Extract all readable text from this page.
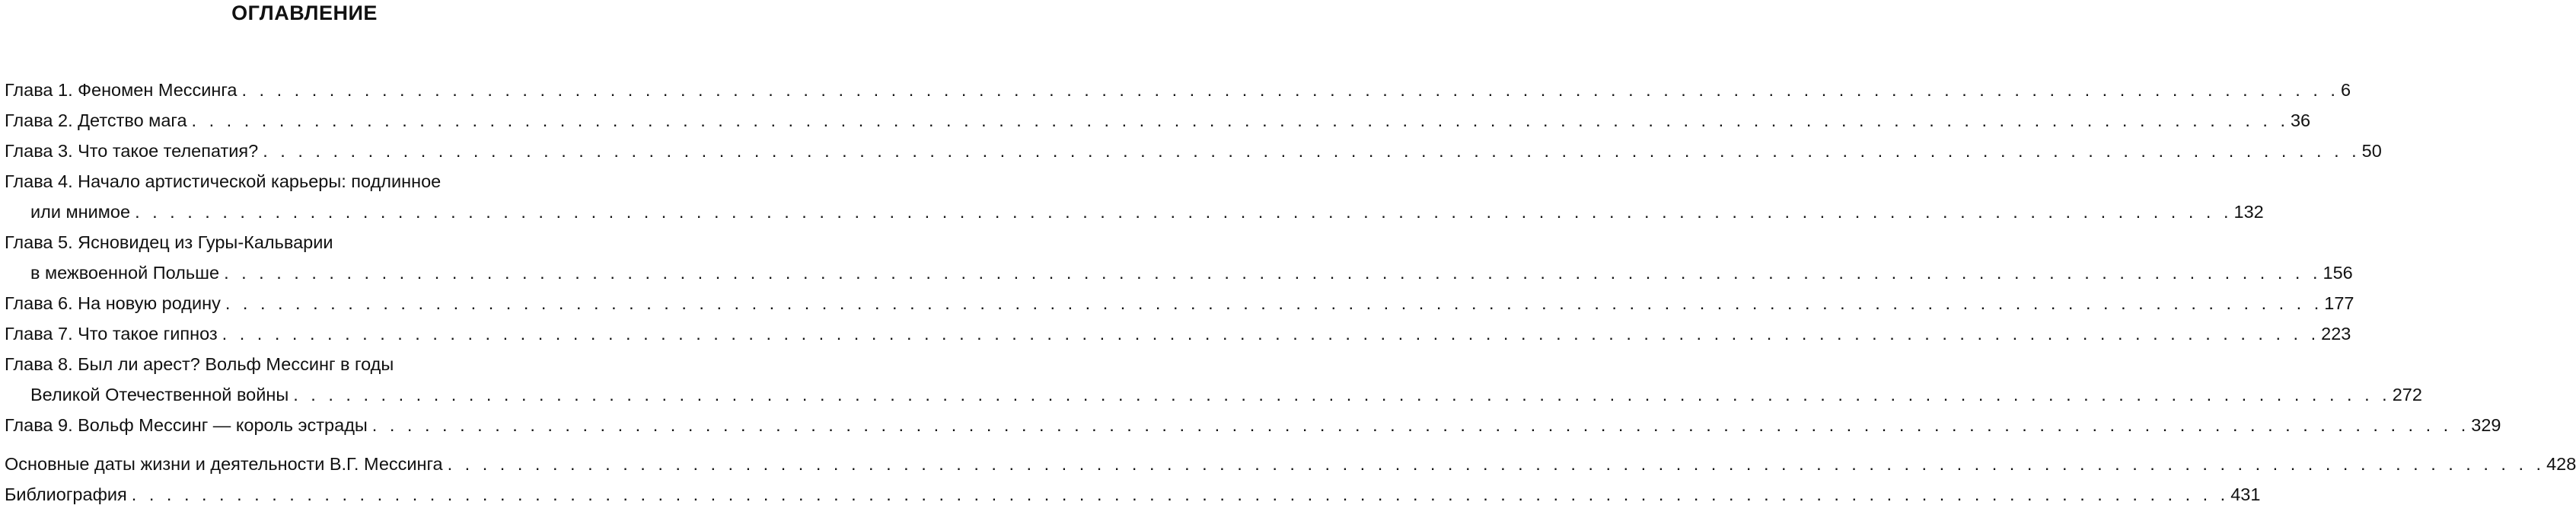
ОГЛАВЛЕНИЕ
Глава 1. Феномен Мессинга . . . . . . . . . . . . . . . . . . . . . . . . . . . . . . . . . . . . . . . . . . . . . . . . . . . . . . . . . . . . . . . . . . . . . . . . . . . . . . . . . . . . . . . . . . . . . . . . . . . . . . . . . . . . . . . . . . . . . . . . 6
Глава 2. Детство мага . . . . . . . . . . . . . . . . . . . . . . . . . . . . . . . . . . . . . . . . . . . . . . . . . . . . . . . . . . . . . . . . . . . . . . . . . . . . . . . . . . . . . . . . . . . . . . . . . . . . . . . . . . . . . . . . . . . . . . . . 36
Глава 3. Что такое телепатия? . . . . . . . . . . . . . . . . . . . . . . . . . . . . . . . . . . . . . . . . . . . . . . . . . . . . . . . . . . . . . . . . . . . . . . . . . . . . . . . . . . . . . . . . . . . . . . . . . . . . . . . . . . . . . . . . . . . . . . . . 50
Глава 4. Начало артистической карьеры: подлинное
или мнимое . . . . . . . . . . . . . . . . . . . . . . . . . . . . . . . . . . . . . . . . . . . . . . . . . . . . . . . . . . . . . . . . . . . . . . . . . . . . . . . . . . . . . . . . . . . . . . . . . . . . . . . . . . . . . . . . . . . . . . . . 132
Глава 5. Ясновидец из Гуры-Кальварии
в межвоенной Польше . . . . . . . . . . . . . . . . . . . . . . . . . . . . . . . . . . . . . . . . . . . . . . . . . . . . . . . . . . . . . . . . . . . . . . . . . . . . . . . . . . . . . . . . . . . . . . . . . . . . . . . . . . . . . . . . . . . . . . . . 156
Глава 6. На новую родину . . . . . . . . . . . . . . . . . . . . . . . . . . . . . . . . . . . . . . . . . . . . . . . . . . . . . . . . . . . . . . . . . . . . . . . . . . . . . . . . . . . . . . . . . . . . . . . . . . . . . . . . . . . . . . . . . . . . . . . . 177
Глава 7. Что такое гипноз . . . . . . . . . . . . . . . . . . . . . . . . . . . . . . . . . . . . . . . . . . . . . . . . . . . . . . . . . . . . . . . . . . . . . . . . . . . . . . . . . . . . . . . . . . . . . . . . . . . . . . . . . . . . . . . . . . . . . . . . 223
Глава 8. Был ли арест? Вольф Мессинг в годы
Великой Отечественной войны . . . . . . . . . . . . . . . . . . . . . . . . . . . . . . . . . . . . . . . . . . . . . . . . . . . . . . . . . . . . . . . . . . . . . . . . . . . . . . . . . . . . . . . . . . . . . . . . . . . . . . . . . . . . . . . . . . . . . . . . 272
Глава 9. Вольф Мессинг — король эстрады . . . . . . . . . . . . . . . . . . . . . . . . . . . . . . . . . . . . . . . . . . . . . . . . . . . . . . . . . . . . . . . . . . . . . . . . . . . . . . . . . . . . . . . . . . . . . . . . . . . . . . . . . . . . . . . . . . . . . . . . 329
Основные даты жизни и деятельности В.Г. Мессинга . . . . . . . . . . . . . . . . . . . . . . . . . . . . . . . . . . . . . . . . . . . . . . . . . . . . . . . . . . . . . . . . . . . . . . . . . . . . . . . . . . . . . . . . . . . . . . . . . . . . . . . . . . . . . . . . . . . . . . . . 428
Библиография . . . . . . . . . . . . . . . . . . . . . . . . . . . . . . . . . . . . . . . . . . . . . . . . . . . . . . . . . . . . . . . . . . . . . . . . . . . . . . . . . . . . . . . . . . . . . . . . . . . . . . . . . . . . . . . . . . . . . . . . 431
